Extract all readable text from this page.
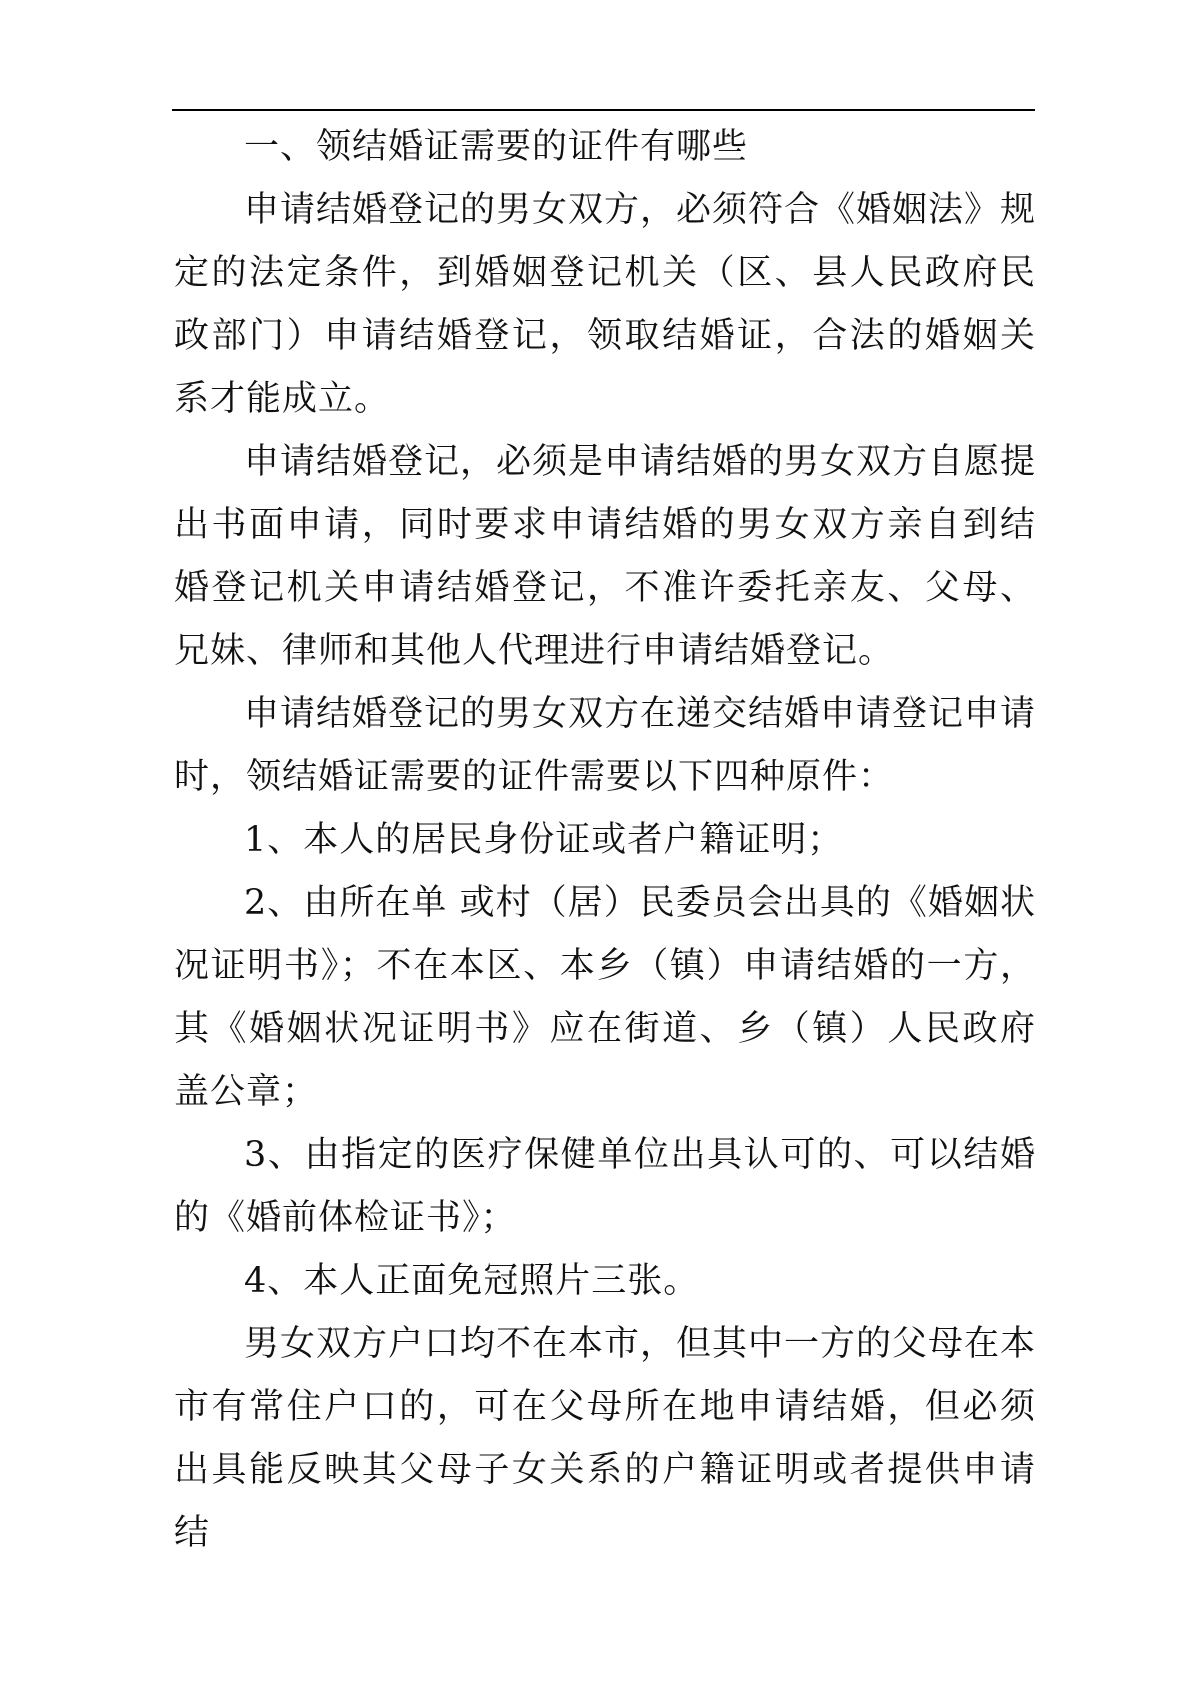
一、领结婚证需要的证件有哪些

申请结婚登记的男女双方，必须符合《婚姻法》规定的法定条件，到婚姻登记机关（区、县人民政府民政部门）申请结婚登记，领取结婚证，合法的婚姻关系才能成立。

申请结婚登记，必须是申请结婚的男女双方自愿提出书面申请，同时要求申请结婚的男女双方亲自到结婚登记机关申请结婚登记，不准许委托亲友、父母、兄妹、律师和其他人代理进行申请结婚登记。

申请结婚登记的男女双方在递交结婚申请登记申请时，领结婚证需要的证件需要以下四种原件：

1、本人的居民身份证或者户籍证明；

2、由所在单 或村（居）民委员会出具的《婚姻状况证明书》；不在本区、本乡（镇）申请结婚的一方，其《婚姻状况证明书》应在街道、乡（镇）人民政府盖公章；

3、由指定的医疗保健单位出具认可的、可以结婚的《婚前体检证书》；

4、本人正面免冠照片三张。

男女双方户口均不在本市，但其中一方的父母在本市有常住户口的，可在父母所在地申请结婚，但必须出具能反映其父母子女关系的户籍证明或者提供申请结
